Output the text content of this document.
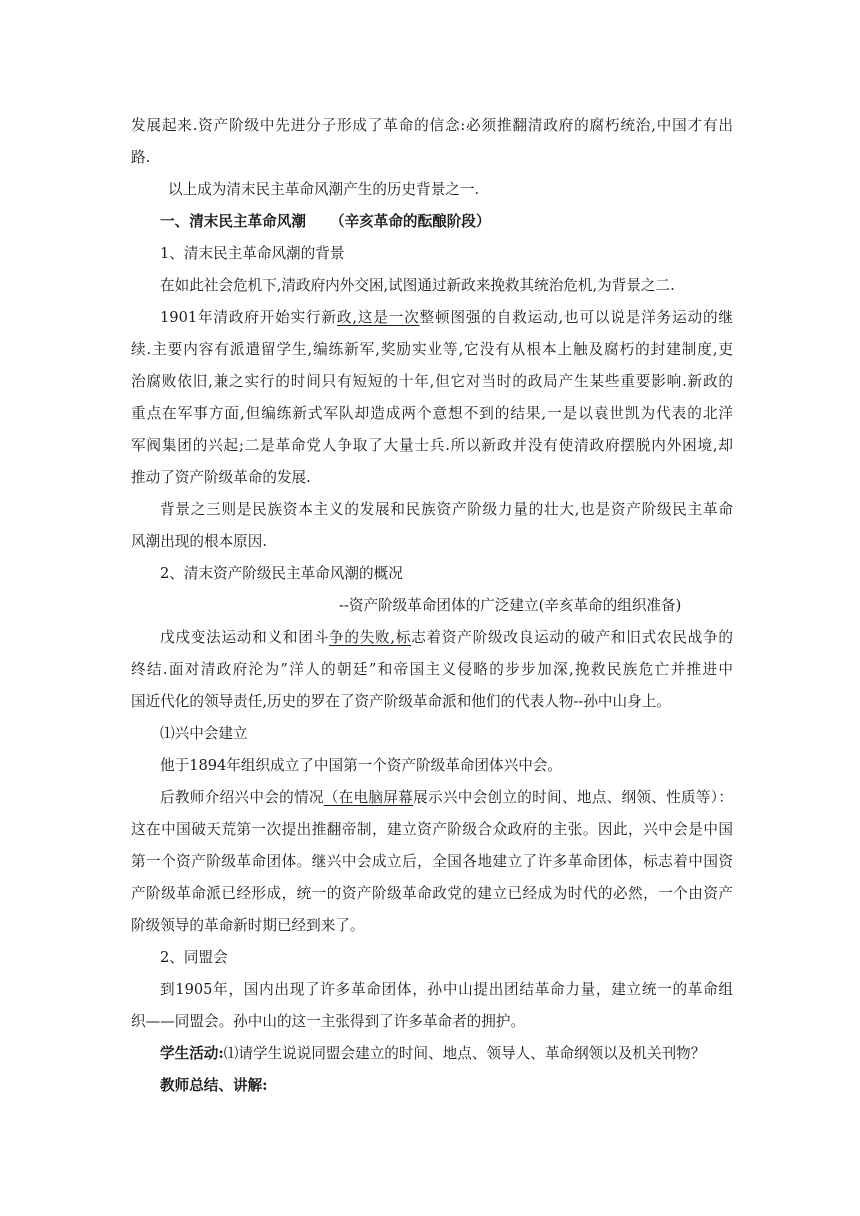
发展起来.资产阶级中先进分子形成了革命的信念:必须推翻清政府的腐朽统治,中国才有出
路.
以上成为清末民主革命风潮产生的历史背景之一.
一、清末民主革命风潮 （辛亥革命的酝酿阶段）
1、清末民主革命风潮的背景
在如此社会危机下,清政府内外交困,试图通过新政来挽救其统治危机,为背景之二.
1901年清政府开始实行新政,这是一次整顿图强的自救运动,也可以说是洋务运动的继
续.主要内容有派遣留学生,编练新军,奖励实业等,它没有从根本上触及腐朽的封建制度,吏
治腐败依旧,兼之实行的时间只有短短的十年,但它对当时的政局产生某些重要影响.新政的
重点在军事方面,但编练新式军队却造成两个意想不到的结果,一是以袁世凯为代表的北洋
军阀集团的兴起;二是革命党人争取了大量士兵.所以新政并没有使清政府摆脱内外困境,却
推动了资产阶级革命的发展.
背景之三则是民族资本主义的发展和民族资产阶级力量的壮大,也是资产阶级民主革命
风潮出现的根本原因.
2、清末资产阶级民主革命风潮的概况
--资产阶级革命团体的广泛建立(辛亥革命的组织准备)
戊戌变法运动和义和团斗争的失败,标志着资产阶级改良运动的破产和旧式农民战争的
终结.面对清政府沦为”洋人的朝廷”和帝国主义侵略的步步加深,挽救民族危亡并推进中
国近代化的领导责任,历史的罗在了资产阶级革命派和他们的代表人物--孙中山身上。
⑴兴中会建立
他于1894年组织成立了中国第一个资产阶级革命团体兴中会。
后教师介绍兴中会的情况（在电脑屏幕展示兴中会创立的时间、地点、纲领、性质等）：
这在中国破天荒第一次提出推翻帝制，建立资产阶级合众政府的主张。因此，兴中会是中国
第一个资产阶级革命团体。继兴中会成立后，全国各地建立了许多革命团体，标志着中国资
产阶级革命派已经形成，统一的资产阶级革命政党的建立已经成为时代的必然，一个由资产
阶级领导的革命新时期已经到来了。
2、同盟会
到1905年，国内出现了许多革命团体，孙中山提出团结革命力量，建立统一的革命组
织——同盟会。孙中山的这一主张得到了许多革命者的拥护。
学生活动:⑴请学生说说同盟会建立的时间、地点、领导人、革命纲领以及机关刊物？
教师总结、讲解:
